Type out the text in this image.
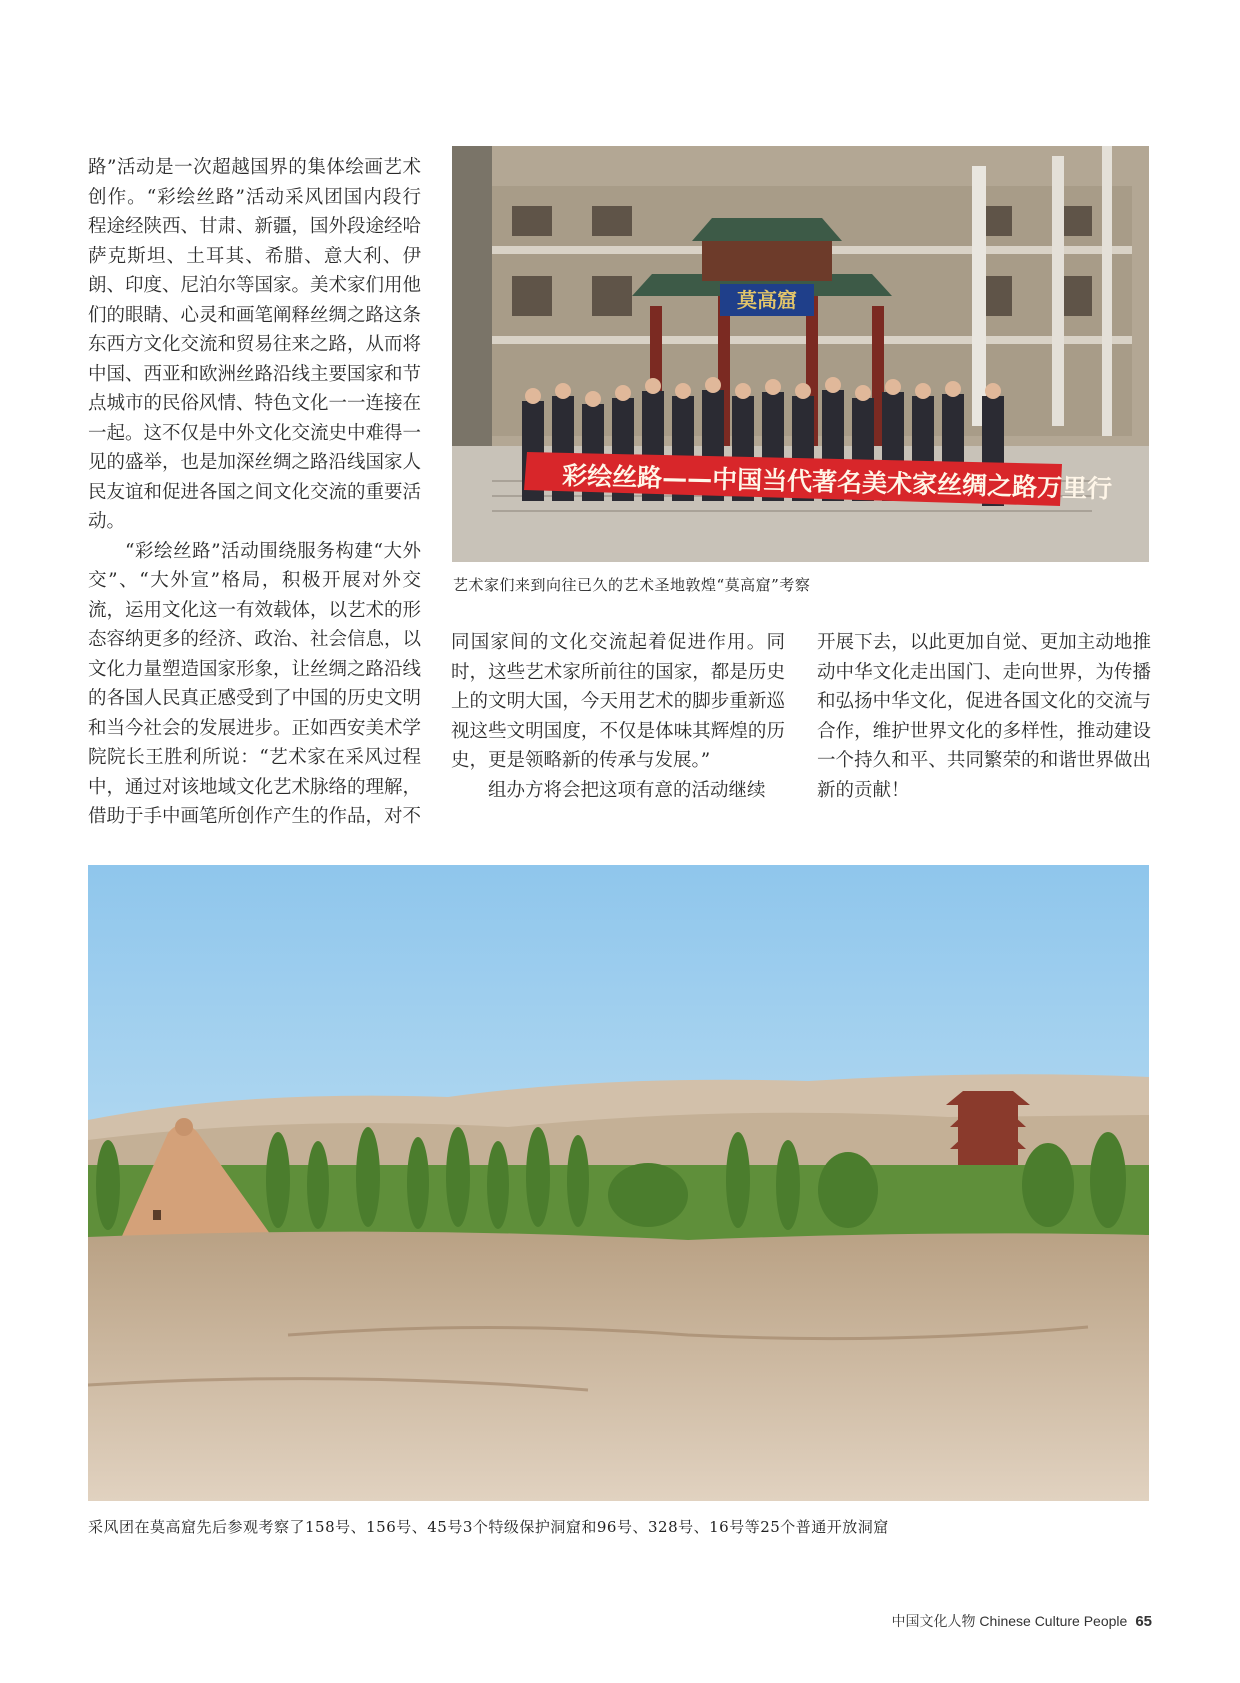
路”活动是一次超越国界的集体绘画艺术创作。“彩绘丝路”活动采风团国内段行程途经陕西、甘肃、新疆，国外段途经哈萨克斯坦、土耳其、希腊、意大利、伊朗、印度、尼泊尔等国家。美术家们用他们的眼睛、心灵和画笔阐释丝绸之路这条东西方文化交流和贸易往来之路，从而将中国、西亚和欧洲丝路沿线主要国家和节点城市的民俗风情、特色文化一一连接在一起。这不仅是中外文化交流史中难得一见的盛举，也是加深丝绸之路沿线国家人民友谊和促进各国之间文化交流的重要活动。

“彩绘丝路”活动围绕服务构建“大外交”、“大外宣”格局，积极开展对外交流，运用文化这一有效载体，以艺术的形态容纳更多的经济、政治、社会信息，以文化力量塑造国家形象，让丝绸之路沿线的各国人民真正感受到了中国的历史文明和当今社会的发展进步。正如西安美术学院院长王胜利所说：“艺术家在采风过程中，通过对该地域文化艺术脉络的理解，借助于手中画笔所创作产生的作品，对不

莫高窟
彩绘丝路——中国当代著名美术家丝绸之路万里行
艺术家们来到向往已久的艺术圣地敦煌“莫高窟”考察

同国家间的文化交流起着促进作用。同时，这些艺术家所前往的国家，都是历史上的文明大国，今天用艺术的脚步重新巡视这些文明国度，不仅是体味其辉煌的历史，更是领略新的传承与发展。”

组办方将会把这项有意的活动继续

开展下去，以此更加自觉、更加主动地推动中华文化走出国门、走向世界，为传播和弘扬中华文化，促进各国文化的交流与合作，维护世界文化的多样性，推动建设一个持久和平、共同繁荣的和谐世界做出新的贡献！

采风团在莫高窟先后参观考察了158号、156号、45号3个特级保护洞窟和96号、328号、16号等25个普通开放洞窟
中国文化人物 Chinese Culture People 65
